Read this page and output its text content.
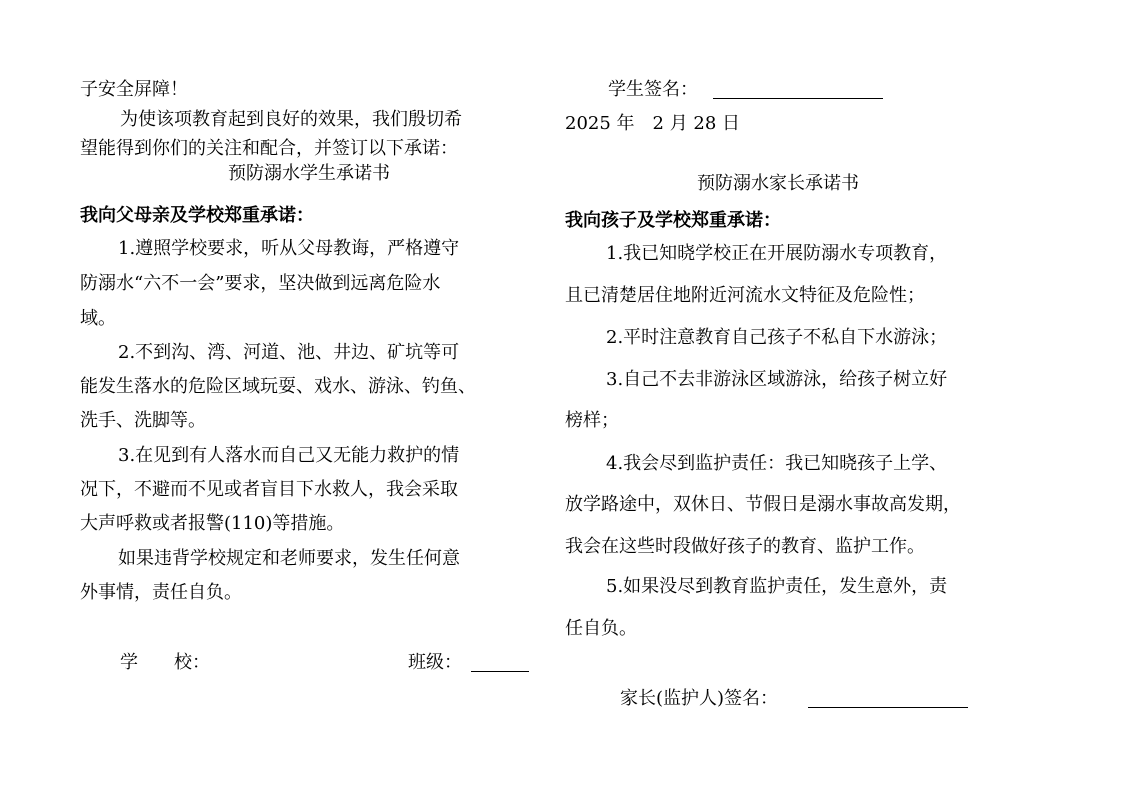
子安全屏障！
为使该项教育起到良好的效果，我们殷切希
望能得到你们的关注和配合，并签订以下承诺：
预防溺水学生承诺书
我向父母亲及学校郑重承诺：
1.遵照学校要求，听从父母教诲，严格遵守
防溺水“六不一会”要求，坚决做到远离危险水
域。
2.不到沟、湾、河道、池、井边、矿坑等可
能发生落水的危险区域玩耍、戏水、游泳、钓鱼、
洗手、洗脚等。
3.在见到有人落水而自己又无能力救护的情
况下，不避而不见或者盲目下水救人，我会采取
大声呼救或者报警(110)等措施。
如果违背学校规定和老师要求，发生任何意
外事情，责任自负。
学　　校：	班级：
学生签名：
2025 年　2 月 28 日
预防溺水家长承诺书
我向孩子及学校郑重承诺：
1.我已知晓学校正在开展防溺水专项教育，
且已清楚居住地附近河流水文特征及危险性；
2.平时注意教育自己孩子不私自下水游泳；
3.自己不去非游泳区域游泳，给孩子树立好
榜样；
4.我会尽到监护责任：我已知晓孩子上学、
放学路途中，双休日、节假日是溺水事故高发期，
我会在这些时段做好孩子的教育、监护工作。
5.如果没尽到教育监护责任，发生意外，责
任自负。
家长(监护人)签名：
